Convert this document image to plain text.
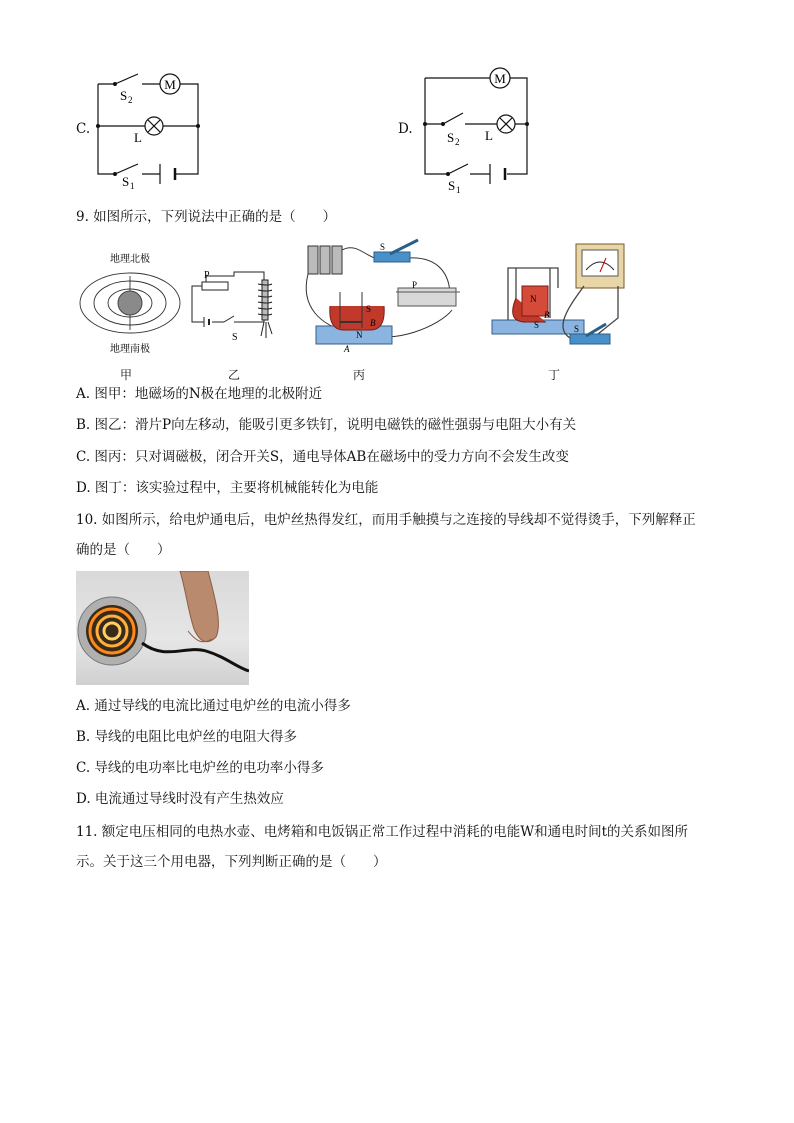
C.
M
S 2
L
S 1
D.
M
S 2 L
S 1
9. 如图所示，下列说法中正确的是（　　）
地理北极
地理南极
甲
P
S
乙
S
S
P
B
N
A
丙
N
B
S	S
丁
A. 图甲：地磁场的N极在地理的北极附近
B. 图乙：滑片P向左移动，能吸引更多铁钉，说明电磁铁的磁性强弱与电阻大小有关
C. 图丙：只对调磁极，闭合开关S，通电导体AB在磁场中的受力方向不会发生改变
D. 图丁：该实验过程中，主要将机械能转化为电能
10. 如图所示，给电炉通电后，电炉丝热得发红，而用手触摸与之连接的导线却不觉得烫手，下列解释正
确的是（　　）
A. 通过导线的电流比通过电炉丝的电流小得多
B. 导线的电阻比电炉丝的电阻大得多
C. 导线的电功率比电炉丝的电功率小得多
D. 电流通过导线时没有产生热效应
11. 额定电压相同的电热水壶、电烤箱和电饭锅正常工作过程中消耗的电能W和通电时间t的关系如图所
示。关于这三个用电器，下列判断正确的是（　　）
